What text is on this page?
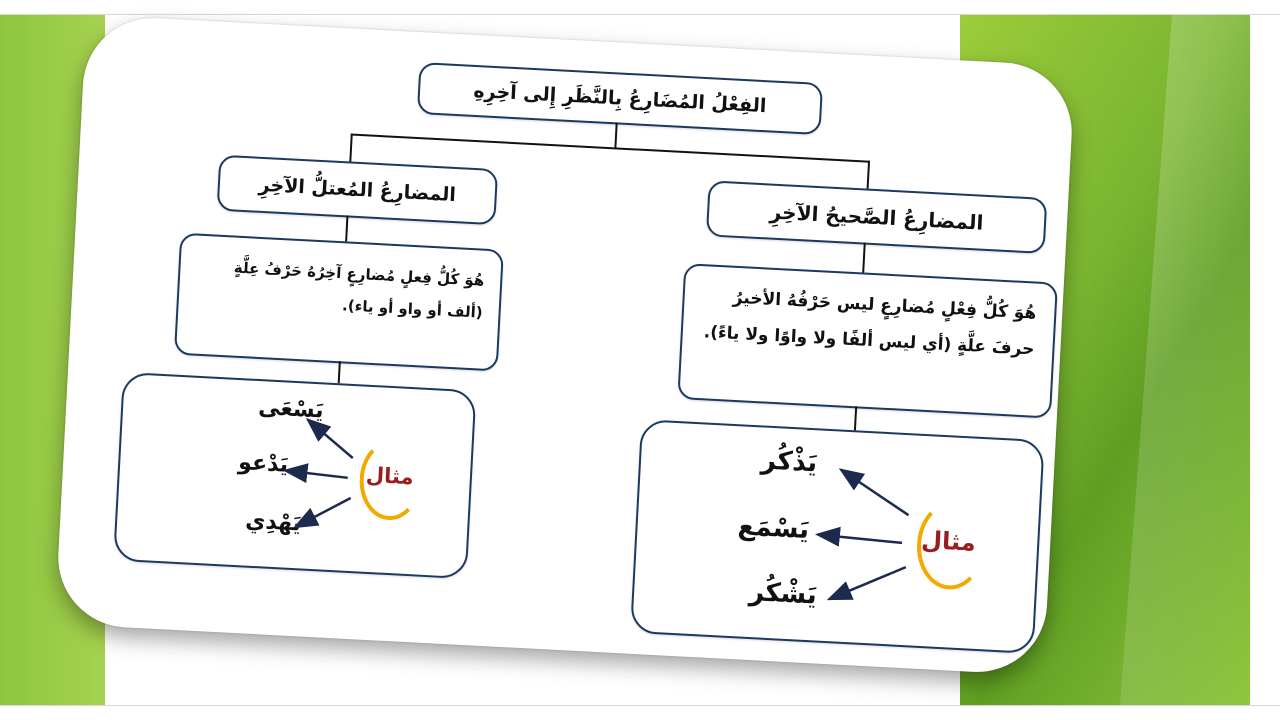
الفِعْلُ المُضَارِعُ بِالنَّظَرِ إِلى آخِرِهِ
المضارِعُ الصَّحيحُ الآخِرِ
هُوَ كُلُّ فِعْلٍ مُضارِعٍ ليس حَرْفُهُ الأخيرُ حرفَ علَّةٍ (أي ليس ألفًا ولا واوًا ولا ياءً).
مثال
يَذْكُر
يَسْمَع
يَشْكُر
المضارِعُ المُعتلُّ الآخِرِ
هُوَ كُلُّ فِعلٍ مُضارِعٍ آخِرُهُ حَرْفُ عِلَّةٍ (ألف أو واو أو ياء).
مثال
يَسْعَى
يَدْعو
يَهْدِي
